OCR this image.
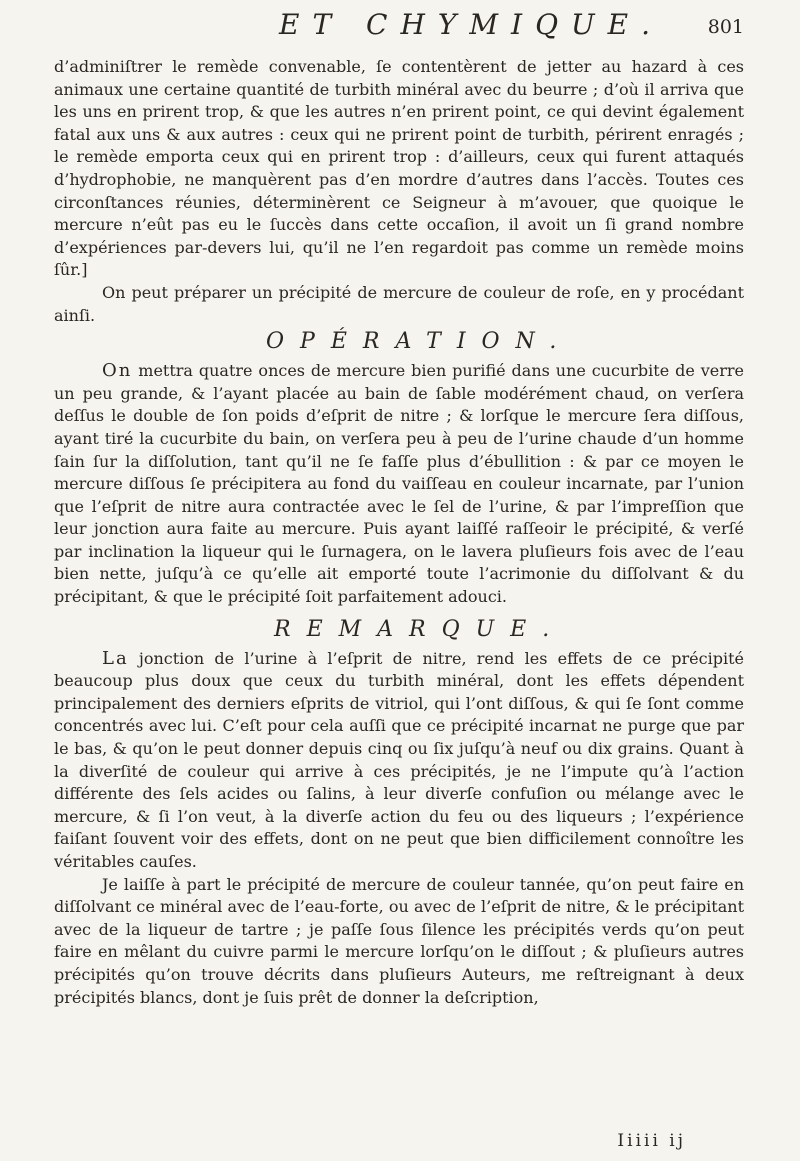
ET CHYMIQUE. 801

d’adminiſtrer le remède convenable, ſe contentèrent de jetter au hazard à ces animaux une certaine quantité de turbith minéral avec du beurre ; d’où il arriva que les uns en prirent trop, & que les autres n’en prirent point, ce qui devint également fatal aux uns & aux autres : ceux qui ne prirent point de turbith, périrent enragés ; le remède emporta ceux qui en prirent trop : d’ailleurs, ceux qui furent attaqués d’hydrophobie, ne manquèrent pas d’en mordre d’autres dans l’accès. Toutes ces circonſtances réunies, déterminèrent ce Seigneur à m’avouer, que quoique le mercure n’eût pas eu le ſuccès dans cette occaſion, il avoit un ſi grand nombre d’expériences par-devers lui, qu’il ne l’en regardoit pas comme un remède moins ſûr.]

On peut préparer un précipité de mercure de couleur de roſe, en y procédant ainſi.

OPÉRATION.

On mettra quatre onces de mercure bien purifié dans une cucurbite de verre un peu grande, & l’ayant placée au bain de ſable modérément chaud, on verſera deſſus le double de ſon poids d’eſprit de nitre ; & lorſque le mercure ſera diſſous, ayant tiré la cucurbite du bain, on verſera peu à peu de l’urine chaude d’un homme ſain ſur la diſſolution, tant qu’il ne ſe faſſe plus d’ébullition : & par ce moyen le mercure diſſous ſe précipitera au fond du vaiſſeau en couleur incarnate, par l’union que l’eſprit de nitre aura contractée avec le ſel de l’urine, & par l’impreſſion que leur jonction aura faite au mercure. Puis ayant laiſſé raſſeoir le précipité, & verſé par inclination la liqueur qui le ſurnagera, on le lavera pluſieurs fois avec de l’eau bien nette, juſqu’à ce qu’elle ait emporté toute l’acrimonie du diſſolvant & du précipitant, & que le précipité ſoit parfaitement adouci.

REMARQUE.

La jonction de l’urine à l’eſprit de nitre, rend les effets de ce précipité beaucoup plus doux que ceux du turbith minéral, dont les effets dépendent principalement des derniers eſprits de vitriol, qui l’ont diſſous, & qui ſe ſont comme concentrés avec lui. C’eſt pour cela auſſi que ce précipité incarnat ne purge que par le bas, & qu’on le peut donner depuis cinq ou ſix juſqu’à neuf ou dix grains. Quant à la diverſité de couleur qui arrive à ces précipités, je ne l’impute qu’à l’action différente des ſels acides ou ſalins, à leur diverſe confuſion ou mélange avec le mercure, & ſi l’on veut, à la diverſe action du feu ou des liqueurs ; l’expérience faiſant ſouvent voir des effets, dont on ne peut que bien difficilement connoître les véritables cauſes.

Je laiſſe à part le précipité de mercure de couleur tannée, qu’on peut faire en diſſolvant ce minéral avec de l’eau-forte, ou avec de l’eſprit de nitre, & le précipitant avec de la liqueur de tartre ; je paſſe ſous ſilence les précipités verds qu’on peut faire en mêlant du cuivre parmi le mercure lorſqu’on le diſſout ; & pluſieurs autres précipités qu’on trouve décrits dans pluſieurs Auteurs, me reſtreignant à deux précipités blancs, dont je ſuis prêt de donner la deſcription,

Iiiii ij
